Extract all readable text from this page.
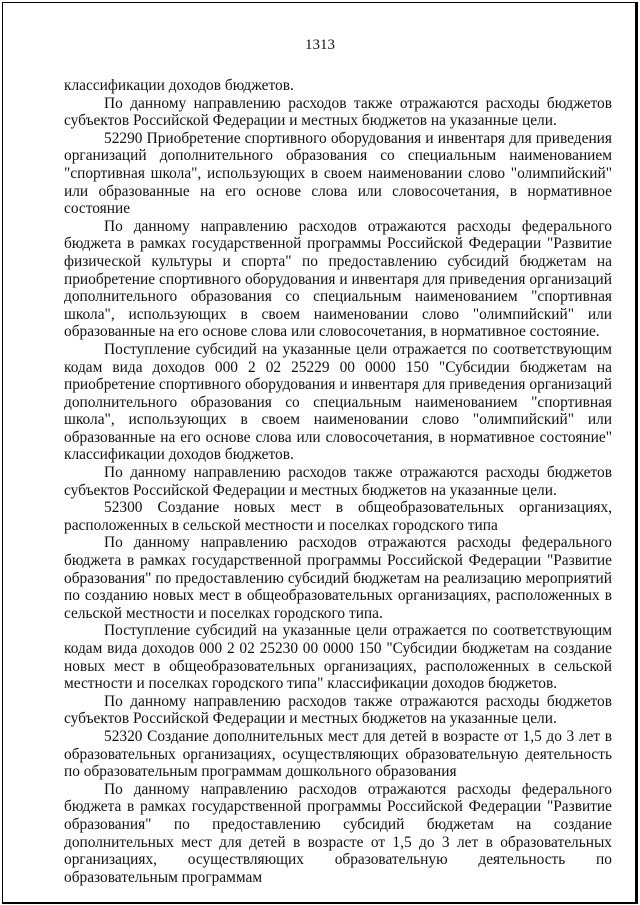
1313

классификации доходов бюджетов.

По данному направлению расходов также отражаются расходы бюджетов субъектов Российской Федерации и местных бюджетов на указанные цели.

52290 Приобретение спортивного оборудования и инвентаря для приведения организаций дополнительного образования со специальным наименованием "спортивная школа", использующих в своем наименовании слово "олимпийский" или образованные на его основе слова или словосочетания, в нормативное состояние

По данному направлению расходов отражаются расходы федерального бюджета в рамках государственной программы Российской Федерации "Развитие физической культуры и спорта" по предоставлению субсидий бюджетам на приобретение спортивного оборудования и инвентаря для приведения организаций дополнительного образования со специальным наименованием "спортивная школа", использующих в своем наименовании слово "олимпийский" или образованные на его основе слова или словосочетания, в нормативное состояние.

Поступление субсидий на указанные цели отражается по соответствующим кодам вида доходов 000 2 02 25229 00 0000 150 "Субсидии бюджетам на приобретение спортивного оборудования и инвентаря для приведения организаций дополнительного образования со специальным наименованием "спортивная школа", использующих в своем наименовании слово "олимпийский" или образованные на его основе слова или словосочетания, в нормативное состояние" классификации доходов бюджетов.

По данному направлению расходов также отражаются расходы бюджетов субъектов Российской Федерации и местных бюджетов на указанные цели.

52300 Создание новых мест в общеобразовательных организациях, расположенных в сельской местности и поселках городского типа

По данному направлению расходов отражаются расходы федерального бюджета в рамках государственной программы Российской Федерации "Развитие образования" по предоставлению субсидий бюджетам на реализацию мероприятий по созданию новых мест в общеобразовательных организациях, расположенных в сельской местности и поселках городского типа.

Поступление субсидий на указанные цели отражается по соответствующим кодам вида доходов 000 2 02 25230 00 0000 150 "Субсидии бюджетам на создание новых мест в общеобразовательных организациях, расположенных в сельской местности и поселках городского типа" классификации доходов бюджетов.

По данному направлению расходов также отражаются расходы бюджетов субъектов Российской Федерации и местных бюджетов на указанные цели.

52320 Создание дополнительных мест для детей в возрасте от 1,5 до 3 лет в образовательных организациях, осуществляющих образовательную деятельность по образовательным программам дошкольного образования

По данному направлению расходов отражаются расходы федерального бюджета в рамках государственной программы Российской Федерации "Развитие образования" по предоставлению субсидий бюджетам на создание дополнительных мест для детей в возрасте от 1,5 до 3 лет в образовательных организациях, осуществляющих образовательную деятельность по образовательным программам
